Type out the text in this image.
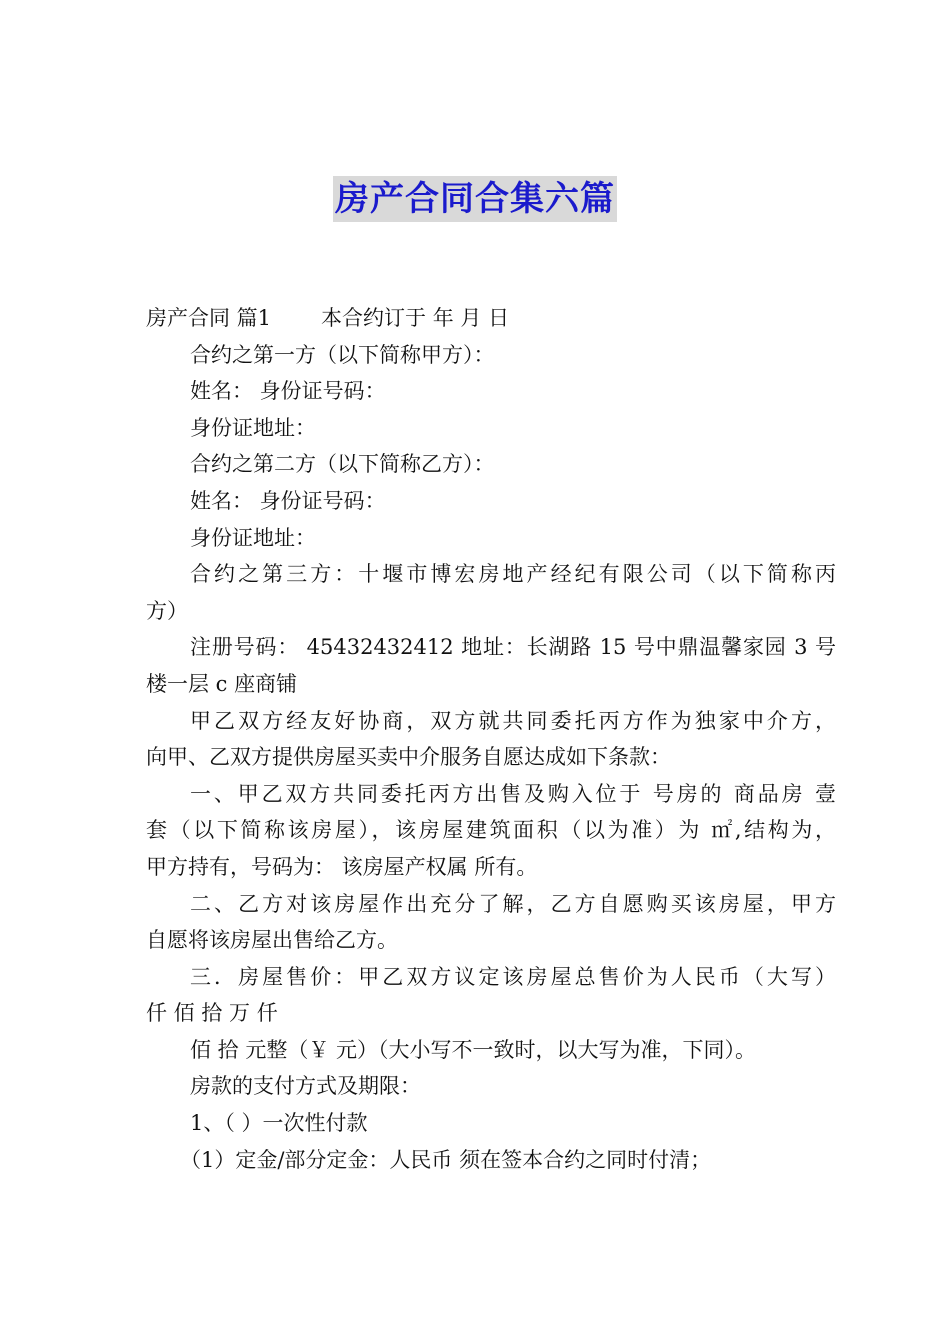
房产合同合集六篇
房产合同 篇1 本合约订于 年 月 日
合约之第一方（以下简称甲方）：
姓名： 身份证号码：
身份证地址：
合约之第二方（以下简称乙方）：
姓名： 身份证号码：
身份证地址：
合约之第三方：十堰市博宏房地产经纪有限公司（以下简称丙
方）
注册号码： 45432432412 地址：长湖路 15 号中鼎温馨家园 3 号
楼一层 c 座商铺
甲乙双方经友好协商，双方就共同委托丙方作为独家中介方，
向甲、乙双方提供房屋买卖中介服务自愿达成如下条款：
一、甲乙双方共同委托丙方出售及购入位于 号房的 商品房 壹
套（以下简称该房屋），该房屋建筑面积（以为准）为 ㎡,结构为，
甲方持有，号码为： 该房屋产权属 所有。
二、乙方对该房屋作出充分了解，乙方自愿购买该房屋，甲方
自愿将该房屋出售给乙方。
三．房屋售价：甲乙双方议定该房屋总售价为人民币（大写）
仟 佰 拾 万 仟
佰 拾 元整（￥ 元）（大小写不一致时，以大写为准，下同）。
房款的支付方式及期限：
1、（ ）一次性付款
（1）定金/部分定金：人民币 须在签本合约之同时付清；
